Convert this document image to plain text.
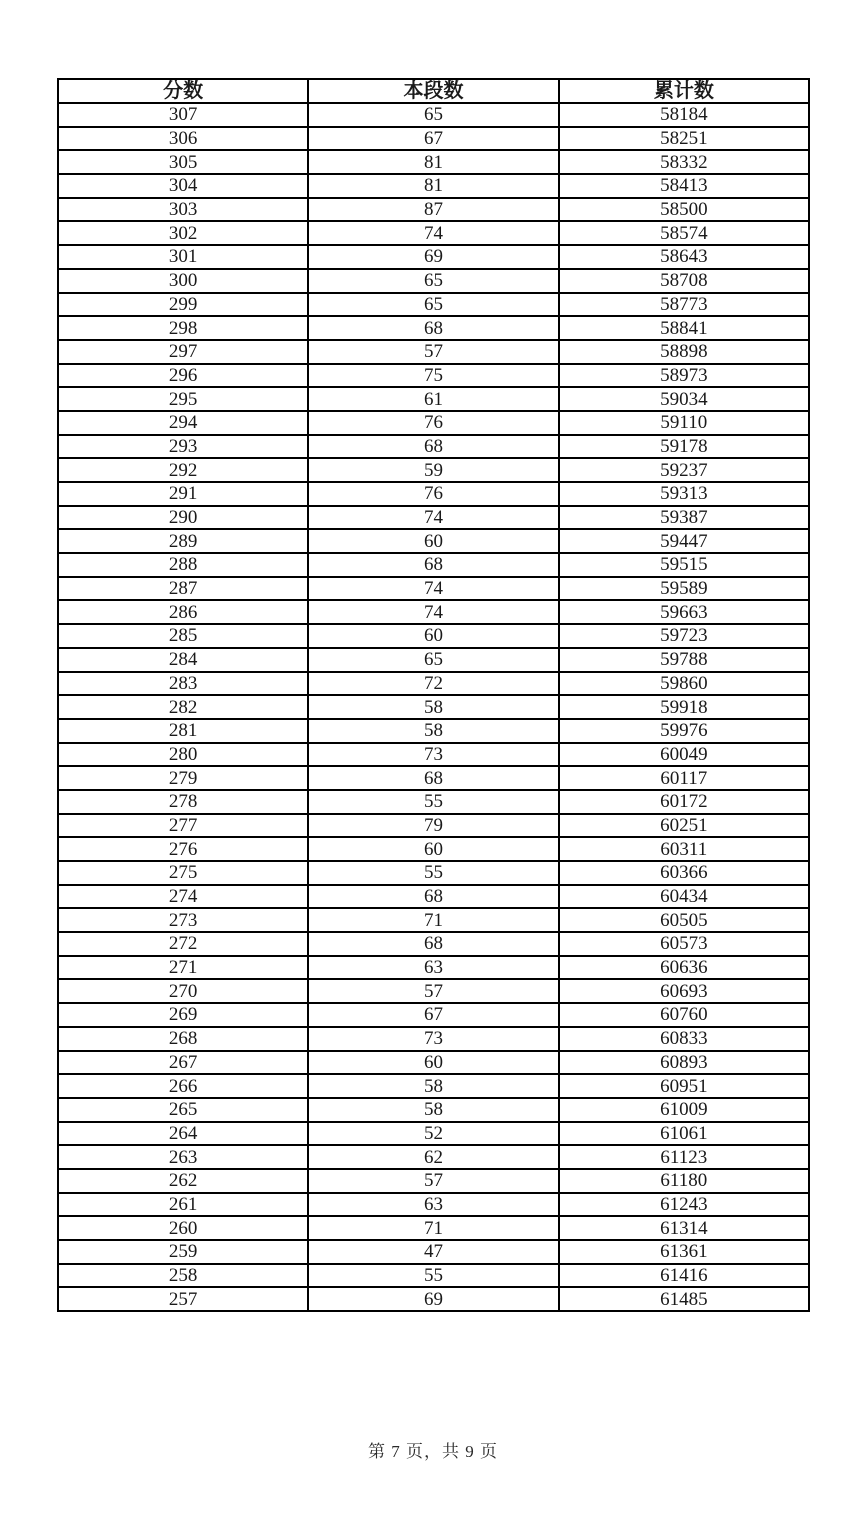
分数	本段数	累计数
307	65	58184
306	67	58251
305	81	58332
304	81	58413
303	87	58500
302	74	58574
301	69	58643
300	65	58708
299	65	58773
298	68	58841
297	57	58898
296	75	58973
295	61	59034
294	76	59110
293	68	59178
292	59	59237
291	76	59313
290	74	59387
289	60	59447
288	68	59515
287	74	59589
286	74	59663
285	60	59723
284	65	59788
283	72	59860
282	58	59918
281	58	59976
280	73	60049
279	68	60117
278	55	60172
277	79	60251
276	60	60311
275	55	60366
274	68	60434
273	71	60505
272	68	60573
271	63	60636
270	57	60693
269	67	60760
268	73	60833
267	60	60893
266	58	60951
265	58	61009
264	52	61061
263	62	61123
262	57	61180
261	63	61243
260	71	61314
259	47	61361
258	55	61416
257	69	61485
第 7 页，共 9 页
